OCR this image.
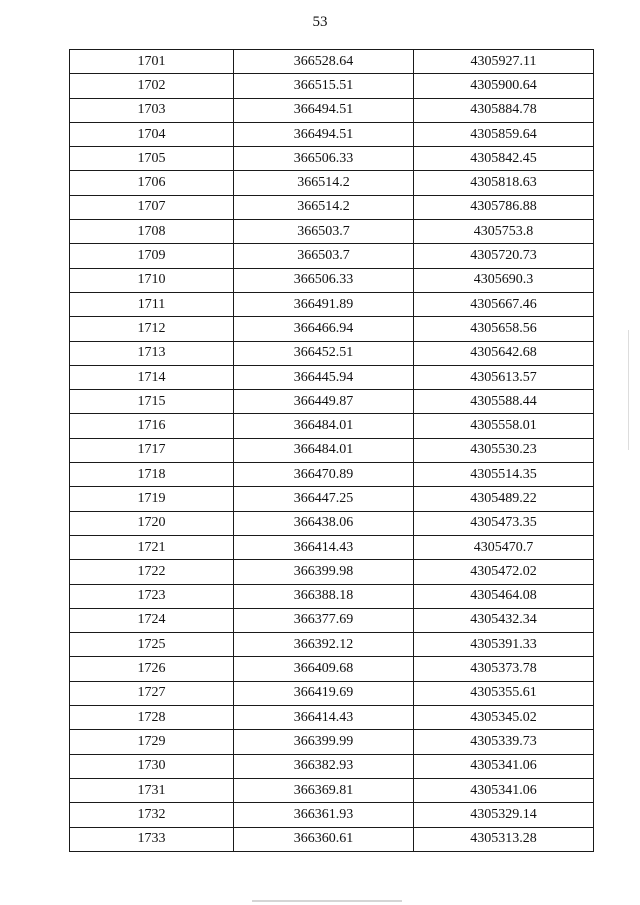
53
1701	366528.64	4305927.11
1702	366515.51	4305900.64
1703	366494.51	4305884.78
1704	366494.51	4305859.64
1705	366506.33	4305842.45
1706	366514.2	4305818.63
1707	366514.2	4305786.88
1708	366503.7	4305753.8
1709	366503.7	4305720.73
1710	366506.33	4305690.3
1711	366491.89	4305667.46
1712	366466.94	4305658.56
1713	366452.51	4305642.68
1714	366445.94	4305613.57
1715	366449.87	4305588.44
1716	366484.01	4305558.01
1717	366484.01	4305530.23
1718	366470.89	4305514.35
1719	366447.25	4305489.22
1720	366438.06	4305473.35
1721	366414.43	4305470.7
1722	366399.98	4305472.02
1723	366388.18	4305464.08
1724	366377.69	4305432.34
1725	366392.12	4305391.33
1726	366409.68	4305373.78
1727	366419.69	4305355.61
1728	366414.43	4305345.02
1729	366399.99	4305339.73
1730	366382.93	4305341.06
1731	366369.81	4305341.06
1732	366361.93	4305329.14
1733	366360.61	4305313.28
